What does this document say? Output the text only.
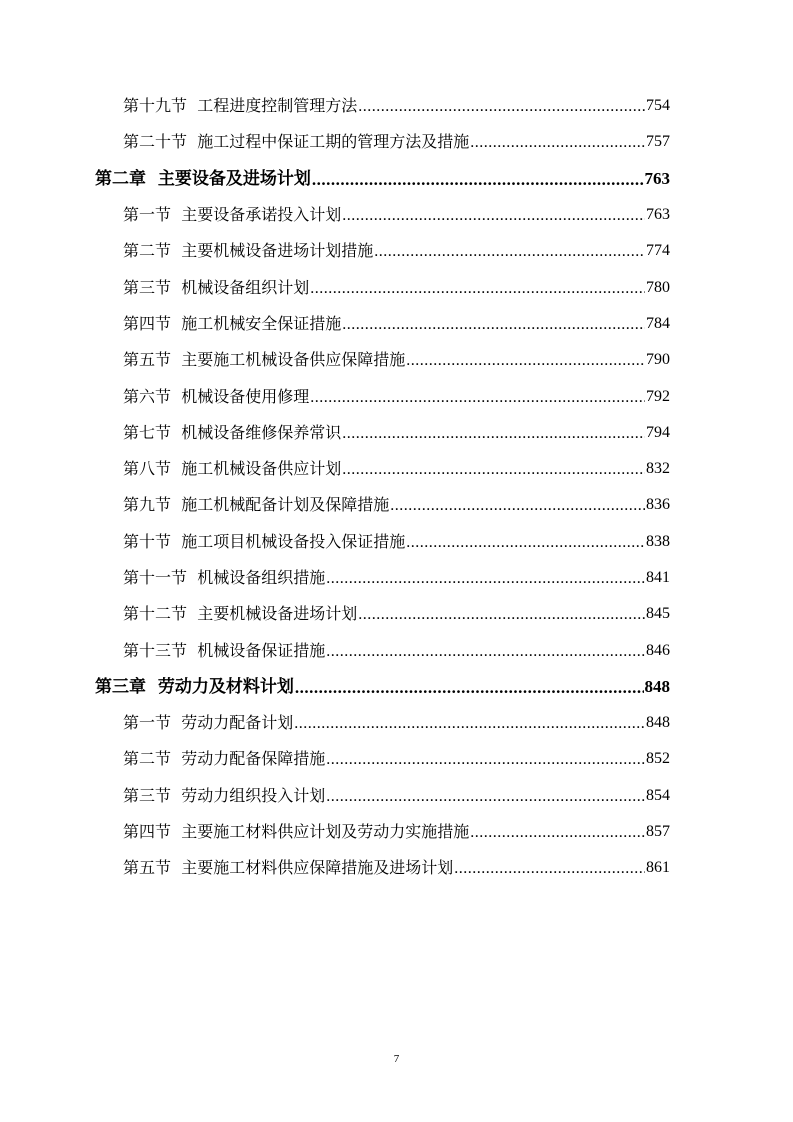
第十九节 工程进度控制管理方法 .....	754
第二十节 施工过程中保证工期的管理方法及措施 .....	757
第二章 主要设备及进场计划 .....	763
第一节 主要设备承诺投入计划 .....	763
第二节 主要机械设备进场计划措施 .....	774
第三节 机械设备组织计划 .....	780
第四节 施工机械安全保证措施 .....	784
第五节 主要施工机械设备供应保障措施 .....	790
第六节 机械设备使用修理 .....	792
第七节 机械设备维修保养常识 .....	794
第八节 施工机械设备供应计划 .....	832
第九节 施工机械配备计划及保障措施 .....	836
第十节 施工项目机械设备投入保证措施 .....	838
第十一节 机械设备组织措施 .....	841
第十二节 主要机械设备进场计划 .....	845
第十三节 机械设备保证措施 .....	846
第三章 劳动力及材料计划 .....	848
第一节 劳动力配备计划 .....	848
第二节 劳动力配备保障措施 .....	852
第三节 劳动力组织投入计划 .....	854
第四节 主要施工材料供应计划及劳动力实施措施 .....	857
第五节 主要施工材料供应保障措施及进场计划 .....	861
7
